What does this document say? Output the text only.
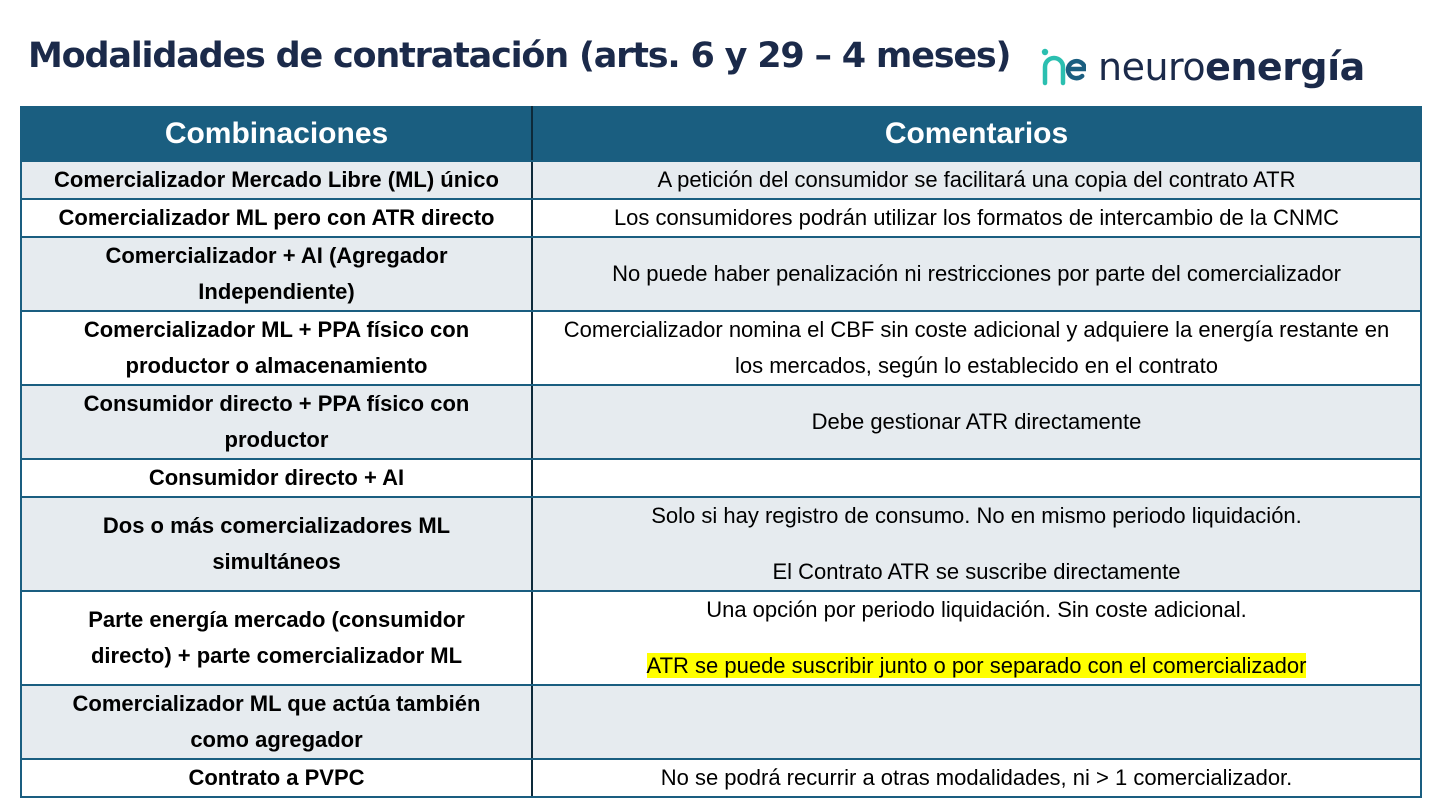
Modalidades de contratación (arts. 6 y 29 – 4 meses) neuroenergía
Combinaciones	Comentarios
Comercializador Mercado Libre (ML) único	A petición del consumidor se facilitará una copia del contrato ATR
Comercializador ML pero con ATR directo	Los consumidores podrán utilizar los formatos de intercambio de la CNMC
Comercializador + AI (Agregador Independiente)	No puede haber penalización ni restricciones por parte del comercializador
Comercializador ML + PPA físico con productor o almacenamiento	Comercializador nomina el CBF sin coste adicional y adquiere la energía restante en los mercados, según lo establecido en el contrato
Consumidor directo + PPA físico con productor	Debe gestionar ATR directamente
Consumidor directo + AI	
Dos o más comercializadores ML simultáneos	Solo si hay registro de consumo. No en mismo periodo liquidación.
El Contrato ATR se suscribe directamente

Parte energía mercado (consumidor directo) + parte comercializador ML	Una opción por periodo liquidación. Sin coste adicional.
ATR se puede suscribir junto o por separado con el comercializador

Comercializador ML que actúa también como agregador	
Contrato a PVPC	No se podrá recurrir a otras modalidades, ni > 1 comercializador.
